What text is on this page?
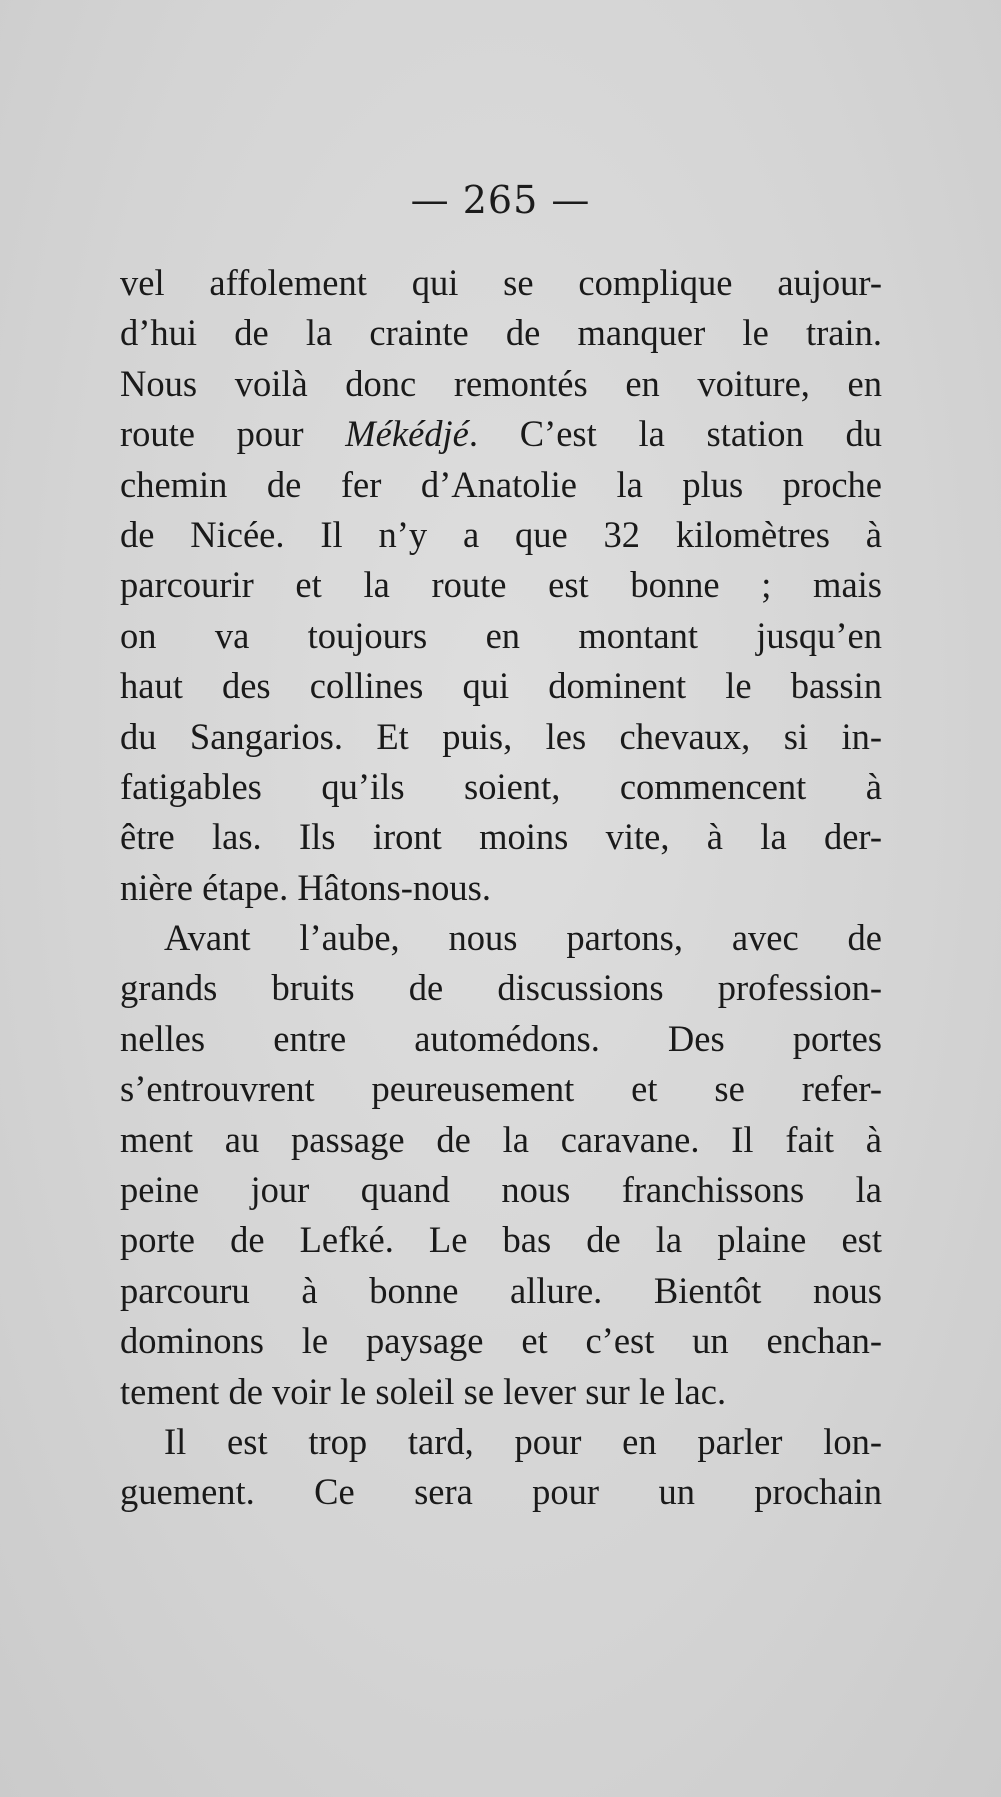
— 265 —
vel affolement qui se complique aujour-
d’hui de la crainte de manquer le train.
Nous voilà donc remontés en voiture, en
route pour Mékédjé. C’est la station du
chemin de fer d’Anatolie la plus proche
de Nicée. Il n’y a que 32 kilomètres à
parcourir et la route est bonne ; mais
on va toujours en montant jusqu’en
haut des collines qui dominent le bassin
du Sangarios. Et puis, les chevaux, si in-
fatigables qu’ils soient, commencent à
être las. Ils iront moins vite, à la der-
nière étape. Hâtons-nous.
Avant l’aube, nous partons, avec de
grands bruits de discussions profession-
nelles entre automédons. Des portes
s’entrouvrent peureusement et se refer-
ment au passage de la caravane. Il fait à
peine jour quand nous franchissons la
porte de Lefké. Le bas de la plaine est
parcouru à bonne allure. Bientôt nous
dominons le paysage et c’est un enchan-
tement de voir le soleil se lever sur le lac.
Il est trop tard, pour en parler lon-
guement. Ce sera pour un prochain
